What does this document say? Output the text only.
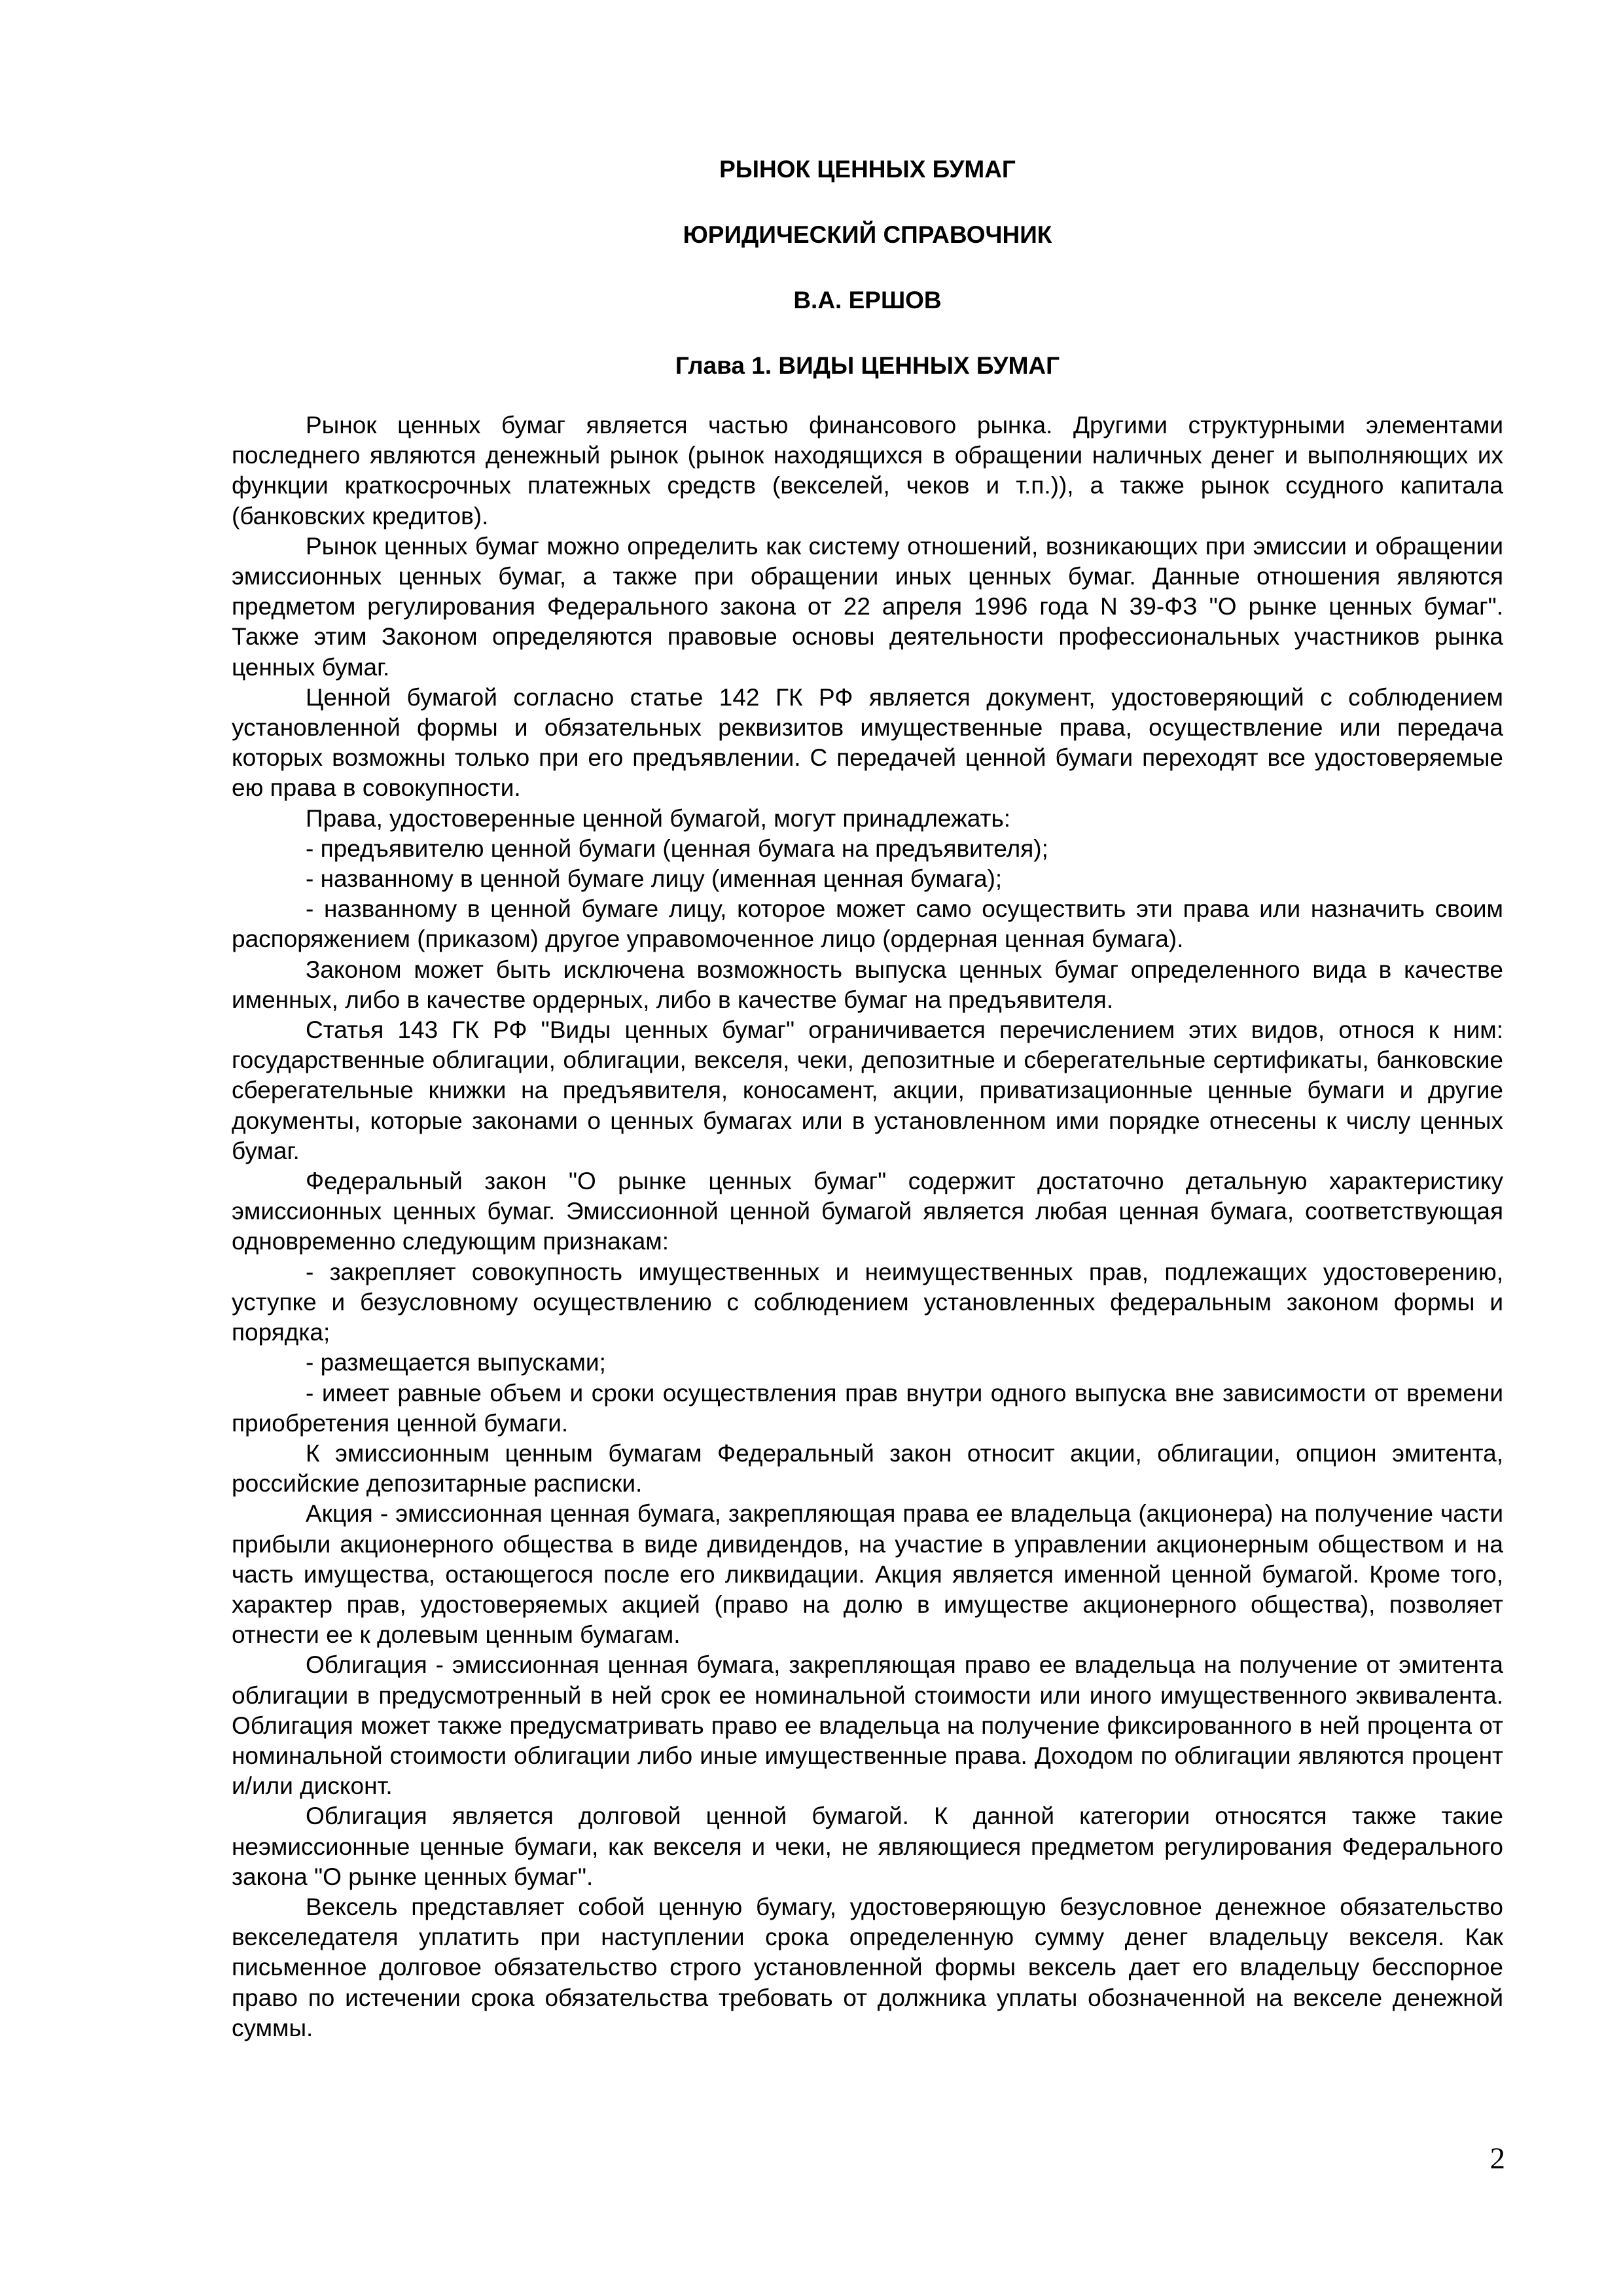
РЫНОК ЦЕННЫХ БУМАГ
ЮРИДИЧЕСКИЙ СПРАВОЧНИК
В.А. ЕРШОВ
Глава 1. ВИДЫ ЦЕННЫХ БУМАГ

Рынок ценных бумаг является частью финансового рынка. Другими структурными элементами последнего являются денежный рынок (рынок находящихся в обращении наличных денег и выполняющих их функции краткосрочных платежных средств (векселей, чеков и т.п.)), а также рынок ссудного капитала (банковских кредитов).

Рынок ценных бумаг можно определить как систему отношений, возникающих при эмиссии и обращении эмиссионных ценных бумаг, а также при обращении иных ценных бумаг. Данные отношения являются предметом регулирования Федерального закона от 22 апреля 1996 года N 39-ФЗ "О рынке ценных бумаг". Также этим Законом определяются правовые основы деятельности профессиональных участников рынка ценных бумаг.

Ценной бумагой согласно статье 142 ГК РФ является документ, удостоверяющий с соблюдением установленной формы и обязательных реквизитов имущественные права, осуществление или передача которых возможны только при его предъявлении. С передачей ценной бумаги переходят все удостоверяемые ею права в совокупности.

Права, удостоверенные ценной бумагой, могут принадлежать:

- предъявителю ценной бумаги (ценная бумага на предъявителя);

- названному в ценной бумаге лицу (именная ценная бумага);

- названному в ценной бумаге лицу, которое может само осуществить эти права или назначить своим распоряжением (приказом) другое управомоченное лицо (ордерная ценная бумага).

Законом может быть исключена возможность выпуска ценных бумаг определенного вида в качестве именных, либо в качестве ордерных, либо в качестве бумаг на предъявителя.

Статья 143 ГК РФ "Виды ценных бумаг" ограничивается перечислением этих видов, относя к ним: государственные облигации, облигации, векселя, чеки, депозитные и сберегательные сертификаты, банковские сберегательные книжки на предъявителя, коносамент, акции, приватизационные ценные бумаги и другие документы, которые законами о ценных бумагах или в установленном ими порядке отнесены к числу ценных бумаг.

Федеральный закон "О рынке ценных бумаг" содержит достаточно детальную характеристику эмиссионных ценных бумаг. Эмиссионной ценной бумагой является любая ценная бумага, соответствующая одновременно следующим признакам:

- закрепляет совокупность имущественных и неимущественных прав, подлежащих удостоверению, уступке и безусловному осуществлению с соблюдением установленных федеральным законом формы и порядка;

- размещается выпусками;

- имеет равные объем и сроки осуществления прав внутри одного выпуска вне зависимости от времени приобретения ценной бумаги.

К эмиссионным ценным бумагам Федеральный закон относит акции, облигации, опцион эмитента, российские депозитарные расписки.

Акция - эмиссионная ценная бумага, закрепляющая права ее владельца (акционера) на получение части прибыли акционерного общества в виде дивидендов, на участие в управлении акционерным обществом и на часть имущества, остающегося после его ликвидации. Акция является именной ценной бумагой. Кроме того, характер прав, удостоверяемых акцией (право на долю в имуществе акционерного общества), позволяет отнести ее к долевым ценным бумагам.

Облигация - эмиссионная ценная бумага, закрепляющая право ее владельца на получение от эмитента облигации в предусмотренный в ней срок ее номинальной стоимости или иного имущественного эквивалента. Облигация может также предусматривать право ее владельца на получение фиксированного в ней процента от номинальной стоимости облигации либо иные имущественные права. Доходом по облигации являются процент и/или дисконт.

Облигация является долговой ценной бумагой. К данной категории относятся также такие неэмиссионные ценные бумаги, как векселя и чеки, не являющиеся предметом регулирования Федерального закона "О рынке ценных бумаг".

Вексель представляет собой ценную бумагу, удостоверяющую безусловное денежное обязательство векселедателя уплатить при наступлении срока определенную сумму денег владельцу векселя. Как письменное долговое обязательство строго установленной формы вексель дает его владельцу бесспорное право по истечении срока обязательства требовать от должника уплаты обозначенной на векселе денежной суммы.

2
